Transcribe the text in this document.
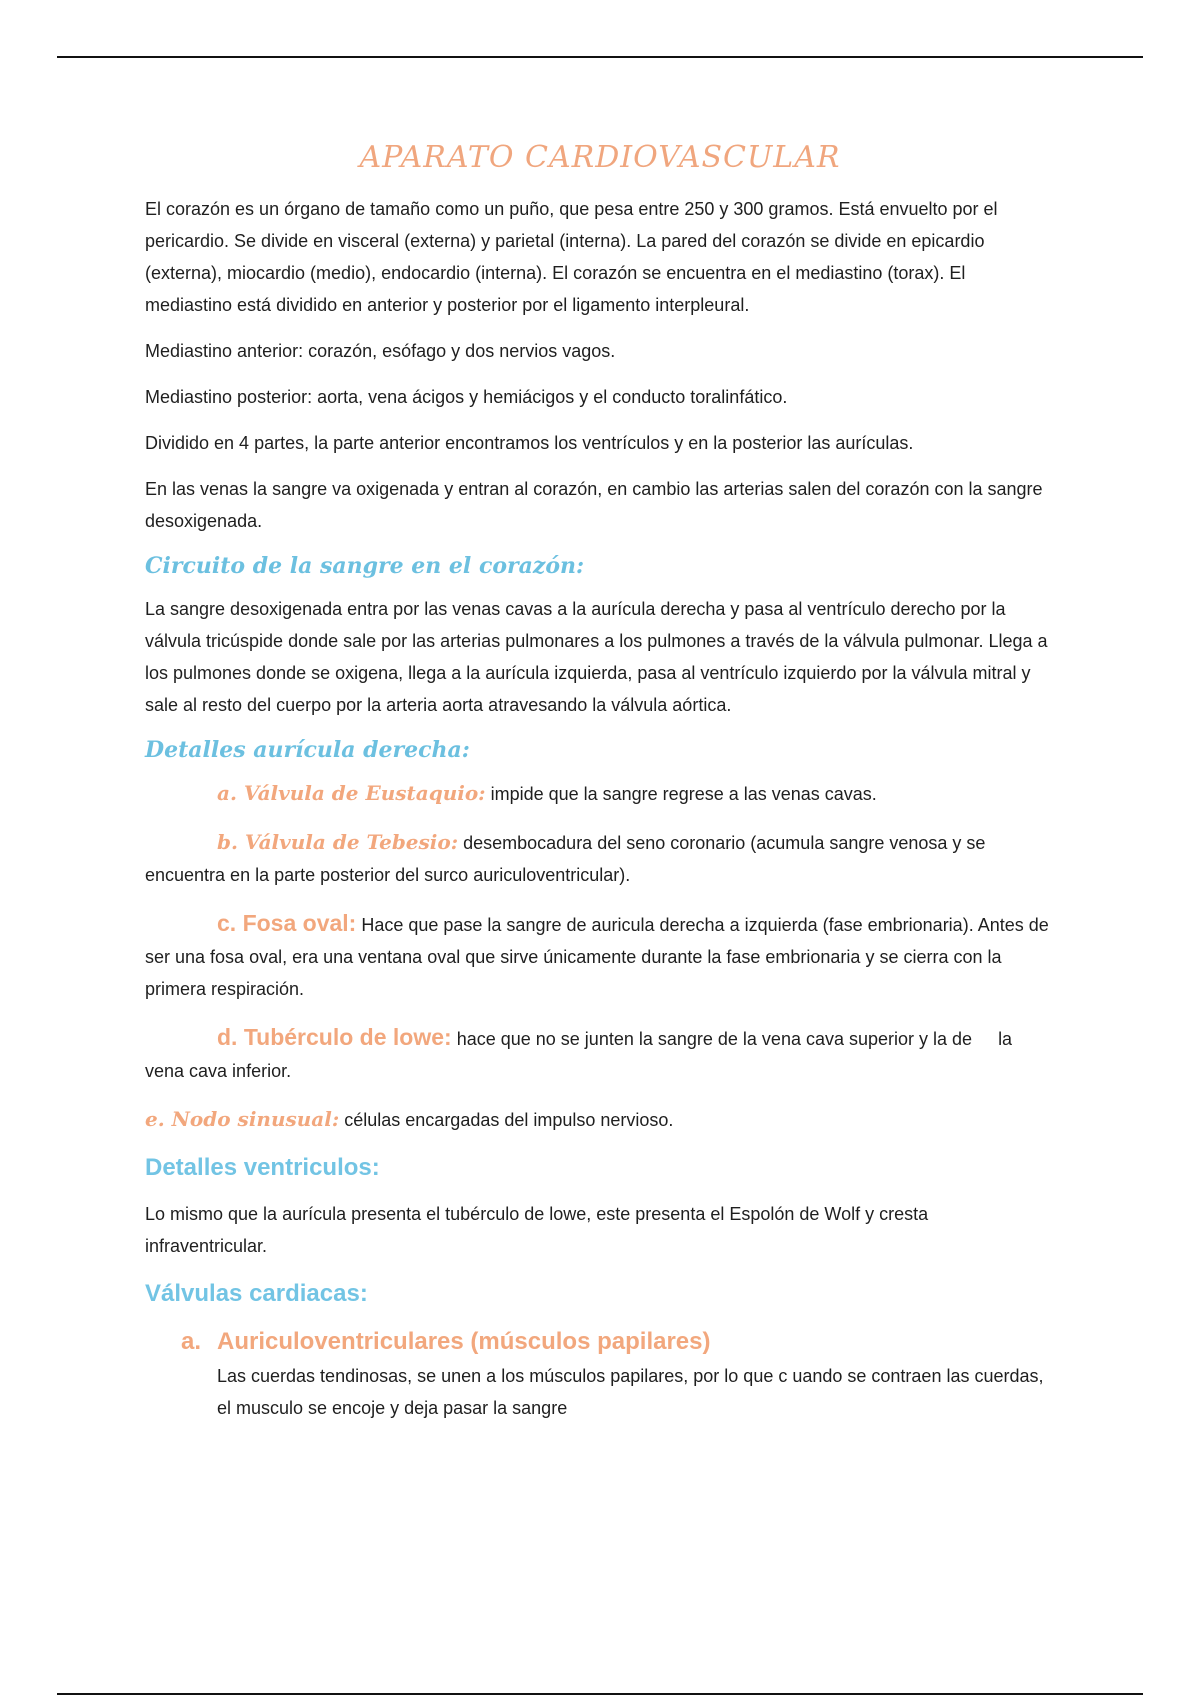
APARATO CARDIOVASCULAR

El corazón es un órgano de tamaño como un puño, que pesa entre 250 y 300 gramos. Está envuelto por el pericardio. Se divide en visceral (externa) y parietal (interna). La pared del corazón se divide en epicardio (externa), miocardio (medio), endocardio (interna). El corazón se encuentra en el mediastino (torax). El mediastino está dividido en anterior y posterior por el ligamento interpleural.

Mediastino anterior: corazón, esófago y dos nervios vagos.

Mediastino posterior: aorta, vena ácigos y hemiácigos y el conducto toralinfático.

Dividido en 4 partes, la parte anterior encontramos los ventrículos y en la posterior las aurículas.

En las venas la sangre va oxigenada y entran al corazón, en cambio las arterias salen del corazón con la sangre desoxigenada.

Circuito de la sangre en el corazón:

La sangre desoxigenada entra por las venas cavas a la aurícula derecha y pasa al ventrículo derecho por la válvula tricúspide donde sale por las arterias pulmonares a los pulmones a través de la válvula pulmonar. Llega a los pulmones donde se oxigena, llega a la aurícula izquierda, pasa al ventrículo izquierdo por la válvula mitral y sale al resto del cuerpo por la arteria aorta atravesando la válvula aórtica.

Detalles aurícula derecha:

a. Válvula de Eustaquio: impide que la sangre regrese a las venas cavas.

b. Válvula de Tebesio: desembocadura del seno coronario (acumula sangre venosa y se encuentra en la parte posterior del surco auriculoventricular).

c. Fosa oval: Hace que pase la sangre de auricula derecha a izquierda (fase embrionaria). Antes de ser una fosa oval, era una ventana oval que sirve únicamente durante la fase embrionaria y se cierra con la primera respiración.

d. Tubérculo de lowe: hace que no se junten la sangre de la vena cava superior y la de la vena cava inferior.

e. Nodo sinusual: células encargadas del impulso nervioso.

Detalles ventriculos:

Lo mismo que la aurícula presenta el tubérculo de lowe, este presenta el Espolón de Wolf y cresta infraventricular.

Válvulas cardiacas:
a. Auriculoventriculares (músculos papilares)

Las cuerdas tendinosas, se unen a los músculos papilares, por lo que c uando se contraen las cuerdas, el musculo se encoje y deja pasar la sangre
